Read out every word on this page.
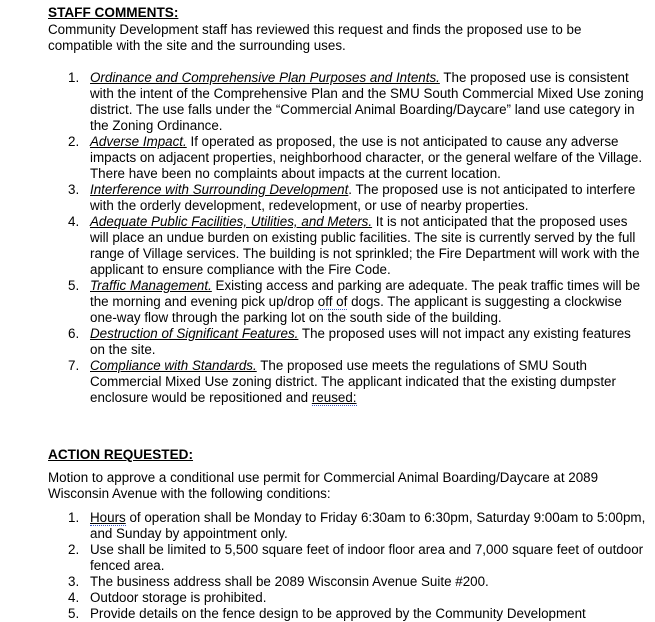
STAFF COMMENTS:
Community Development staff has reviewed this request and finds the proposed use to be compatible with the site and the surrounding uses.
1. Ordinance and Comprehensive Plan Purposes and Intents. The proposed use is consistent with the intent of the Comprehensive Plan and the SMU South Commercial Mixed Use zoning district. The use falls under the “Commercial Animal Boarding/Daycare” land use category in the Zoning Ordinance.
2. Adverse Impact. If operated as proposed, the use is not anticipated to cause any adverse impacts on adjacent properties, neighborhood character, or the general welfare of the Village. There have been no complaints about impacts at the current location.
3. Interference with Surrounding Development. The proposed use is not anticipated to interfere with the orderly development, redevelopment, or use of nearby properties.
4. Adequate Public Facilities, Utilities, and Meters. It is not anticipated that the proposed uses will place an undue burden on existing public facilities. The site is currently served by the full range of Village services. The building is not sprinkled; the Fire Department will work with the applicant to ensure compliance with the Fire Code.
5. Traffic Management. Existing access and parking are adequate. The peak traffic times will be the morning and evening pick up/drop off of dogs. The applicant is suggesting a clockwise one-way flow through the parking lot on the south side of the building.
6. Destruction of Significant Features. The proposed uses will not impact any existing features on the site.
7. Compliance with Standards. The proposed use meets the regulations of SMU South Commercial Mixed Use zoning district. The applicant indicated that the existing dumpster enclosure would be repositioned and reused:
ACTION REQUESTED:
Motion to approve a conditional use permit for Commercial Animal Boarding/Daycare at 2089 Wisconsin Avenue with the following conditions:
1. Hours of operation shall be Monday to Friday 6:30am to 6:30pm, Saturday 9:00am to 5:00pm, and Sunday by appointment only.
2. Use shall be limited to 5,500 square feet of indoor floor area and 7,000 square feet of outdoor fenced area.
3. The business address shall be 2089 Wisconsin Avenue Suite #200.
4. Outdoor storage is prohibited.
5. Provide details on the fence design to be approved by the Community Development
